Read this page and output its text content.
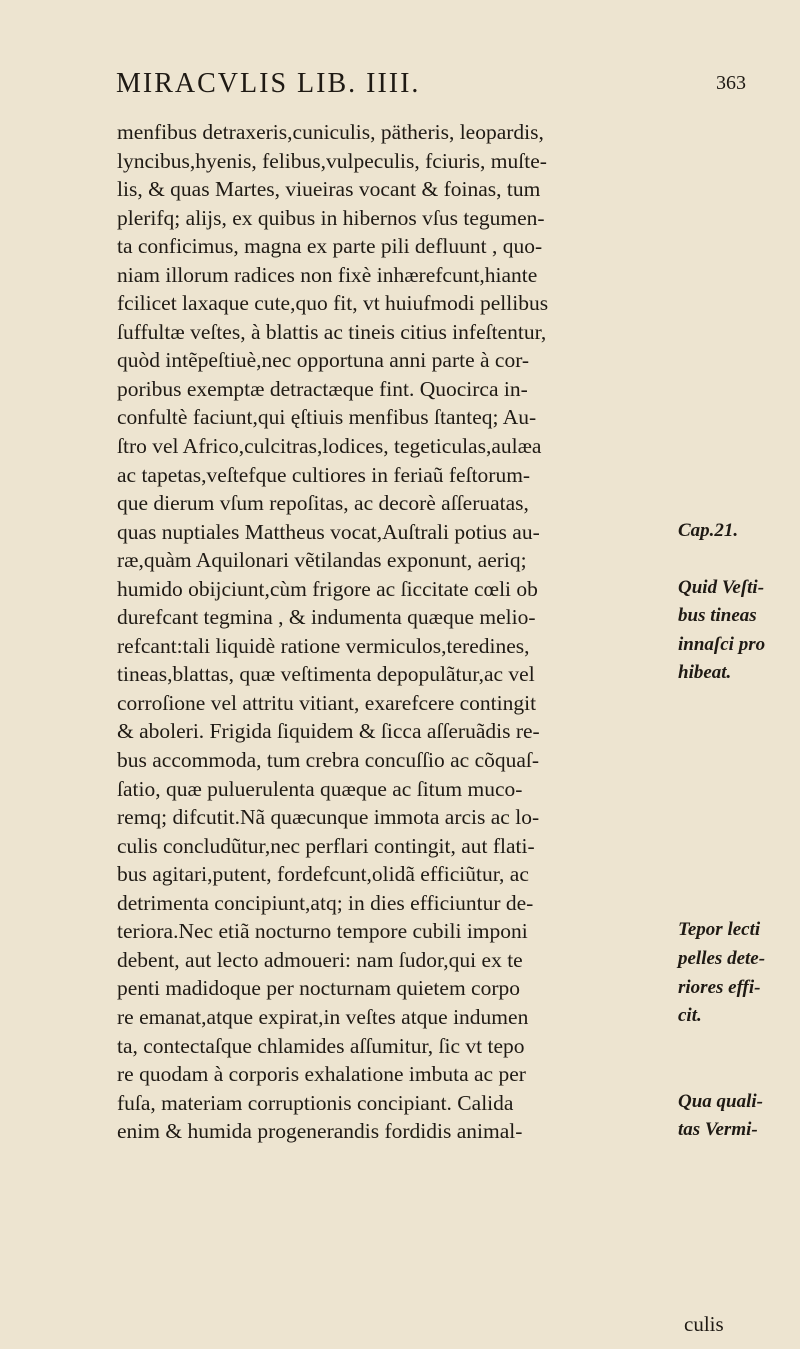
MIRACVLIS LIB. IIII.	363
menfibus detraxeris,cuniculis, pätheris, leopardis,
lyncibus,hyenis, felibus,vulpeculis, fciuris, muſte-
lis, & quas Martes, viueiras vocant & foinas, tum
plerifq; alijs, ex quibus in hibernos vſus tegumen-
ta conficimus, magna ex parte pili defluunt , quo-
niam illorum radices non fixè inhærefcunt,hiante
fcilicet laxaque cute,quo fit, vt huiufmodi pellibus
ſuffultæ veſtes, à blattis ac tineis citius infeſtentur,
quòd intẽpeſtiuè,nec opportuna anni parte à cor-
poribus exemptæ detractæque fint. Quocirca in-
confultè faciunt,qui ęſtiuis menfibus ſtanteq; Au-
ſtro vel Africo,culcitras,lodices, tegeticulas,aulæa
ac tapetas,veſtefque cultiores in feriaũ feſtorum-
que dierum vſum repoſitas, ac decorè aſſeruatas,
quas nuptiales Mattheus vocat,Auſtrali potius au-
ræ,quàm Aquilonari vẽtilandas exponunt, aeriq;
humido obijciunt,cùm frigore ac ſiccitate cœli ob
durefcant tegmina , & indumenta quæque melio-
refcant:tali liquidè ratione vermiculos,teredines,
tineas,blattas, quæ veſtimenta depopulãtur,ac vel
corroſione vel attritu vitiant, exarefcere contingit
& aboleri. Frigida ſiquidem & ſicca aſſeruãdis re-
bus accommoda, tum crebra concuſſio ac cõquaſ-
ſatio, quæ puluerulenta quæque ac ſitum muco-
remq; difcutit.Nã quæcunque immota arcis ac lo-
culis concludũtur,nec perflari contingit, aut flati-
bus agitari,putent, fordefcunt,olidã efficiũtur, ac
detrimenta concipiunt,atq; in dies efficiuntur de-
teriora.Nec etiã nocturno tempore cubili imponi
debent, aut lecto admoueri: nam ſudor,qui ex te
penti madidoque per nocturnam quietem corpo
re emanat,atque expirat,in veſtes atque indumen
ta, contectaſque chlamides aſſumitur, ſic vt tepo
re quodam à corporis exhalatione imbuta ac per
fuſa, materiam corruptionis concipiant. Calida
enim & humida progenerandis fordidis animal-
Cap.21.
Quid Veſti-
bus tineas
innaſci pro
hibeat.
Tepor lecti
pelles dete-
riores effi-
cit.
Qua quali-
tas Vermi-
culis
